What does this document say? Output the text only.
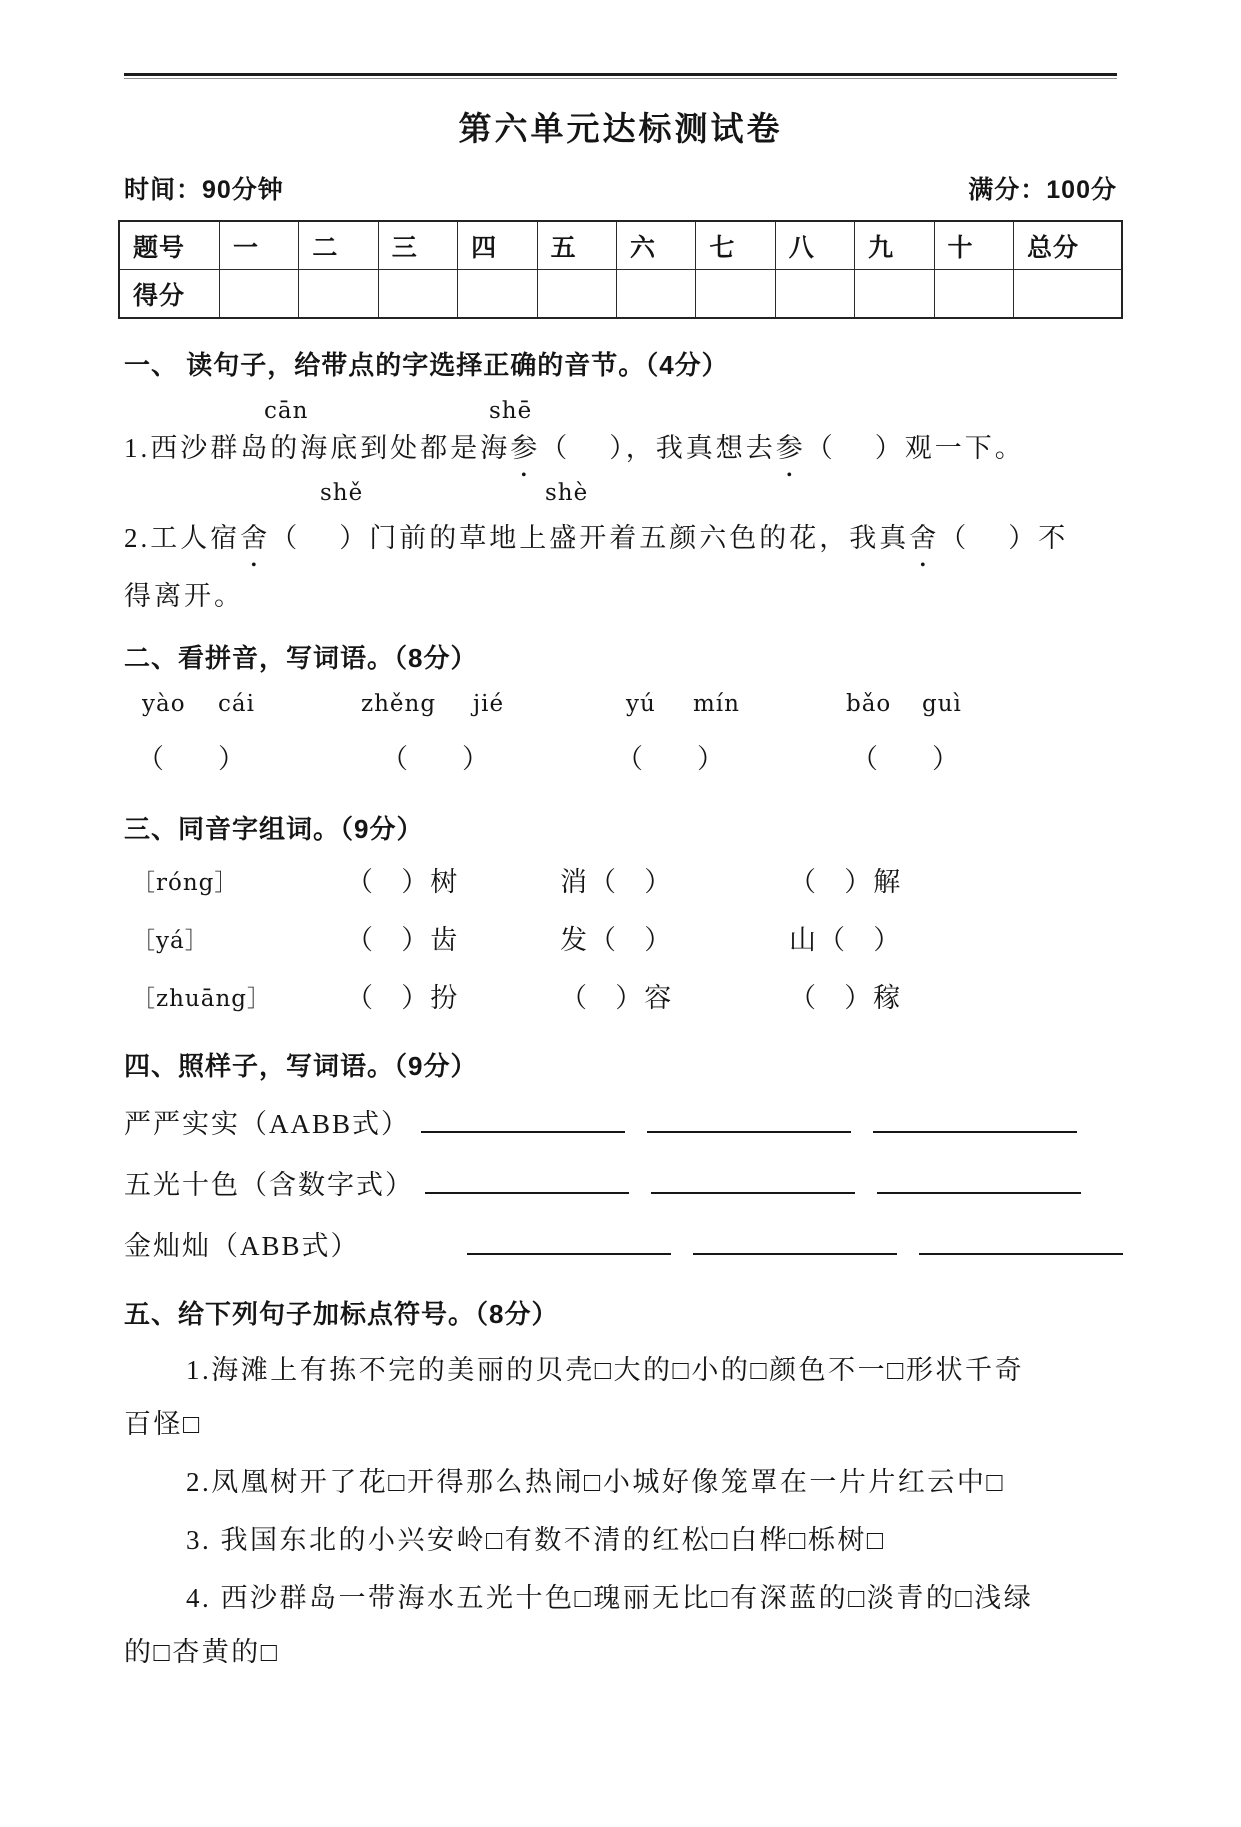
第六单元达标测试卷
时间：90分钟	满分：100分
题号	一	二	三	四	五	六	七	八	九	十	总分
得分											

一、 读句子，给带点的字选择正确的音节。（4分）

cān	shē

1.西沙群岛的海底到处都是海参（    ），我真想去参（    ）观一下。

shě	shè

2.工人宿舍（    ）门前的草地上盛开着五颜六色的花，我真舍（    ）不

得离开。

二、看拼音，写词语。（8分）

yào cái	zhěng jié	yú mín	bǎo guì
（        ）	（        ）	（        ）	（        ）

三、同音字组词。（9分）

［róng］	（   ）树	消（   ）	（   ）解
［yá］	（   ）齿	发（   ）	山（   ）
［zhuāng］	（   ）扮	（   ）容	（   ）稼

四、照样子，写词语。（9分）

严严实实（AABB式）
五光十色（含数字式）
金灿灿（ABB式）

五、给下列句子加标点符号。（8分）

1.海滩上有拣不完的美丽的贝壳□大的□小的□颜色不一□形状千奇

百怪□

2.凤凰树开了花□开得那么热闹□小城好像笼罩在一片片红云中□

3. 我国东北的小兴安岭□有数不清的红松□白桦□栎树□

4. 西沙群岛一带海水五光十色□瑰丽无比□有深蓝的□淡青的□浅绿

的□杏黄的□
